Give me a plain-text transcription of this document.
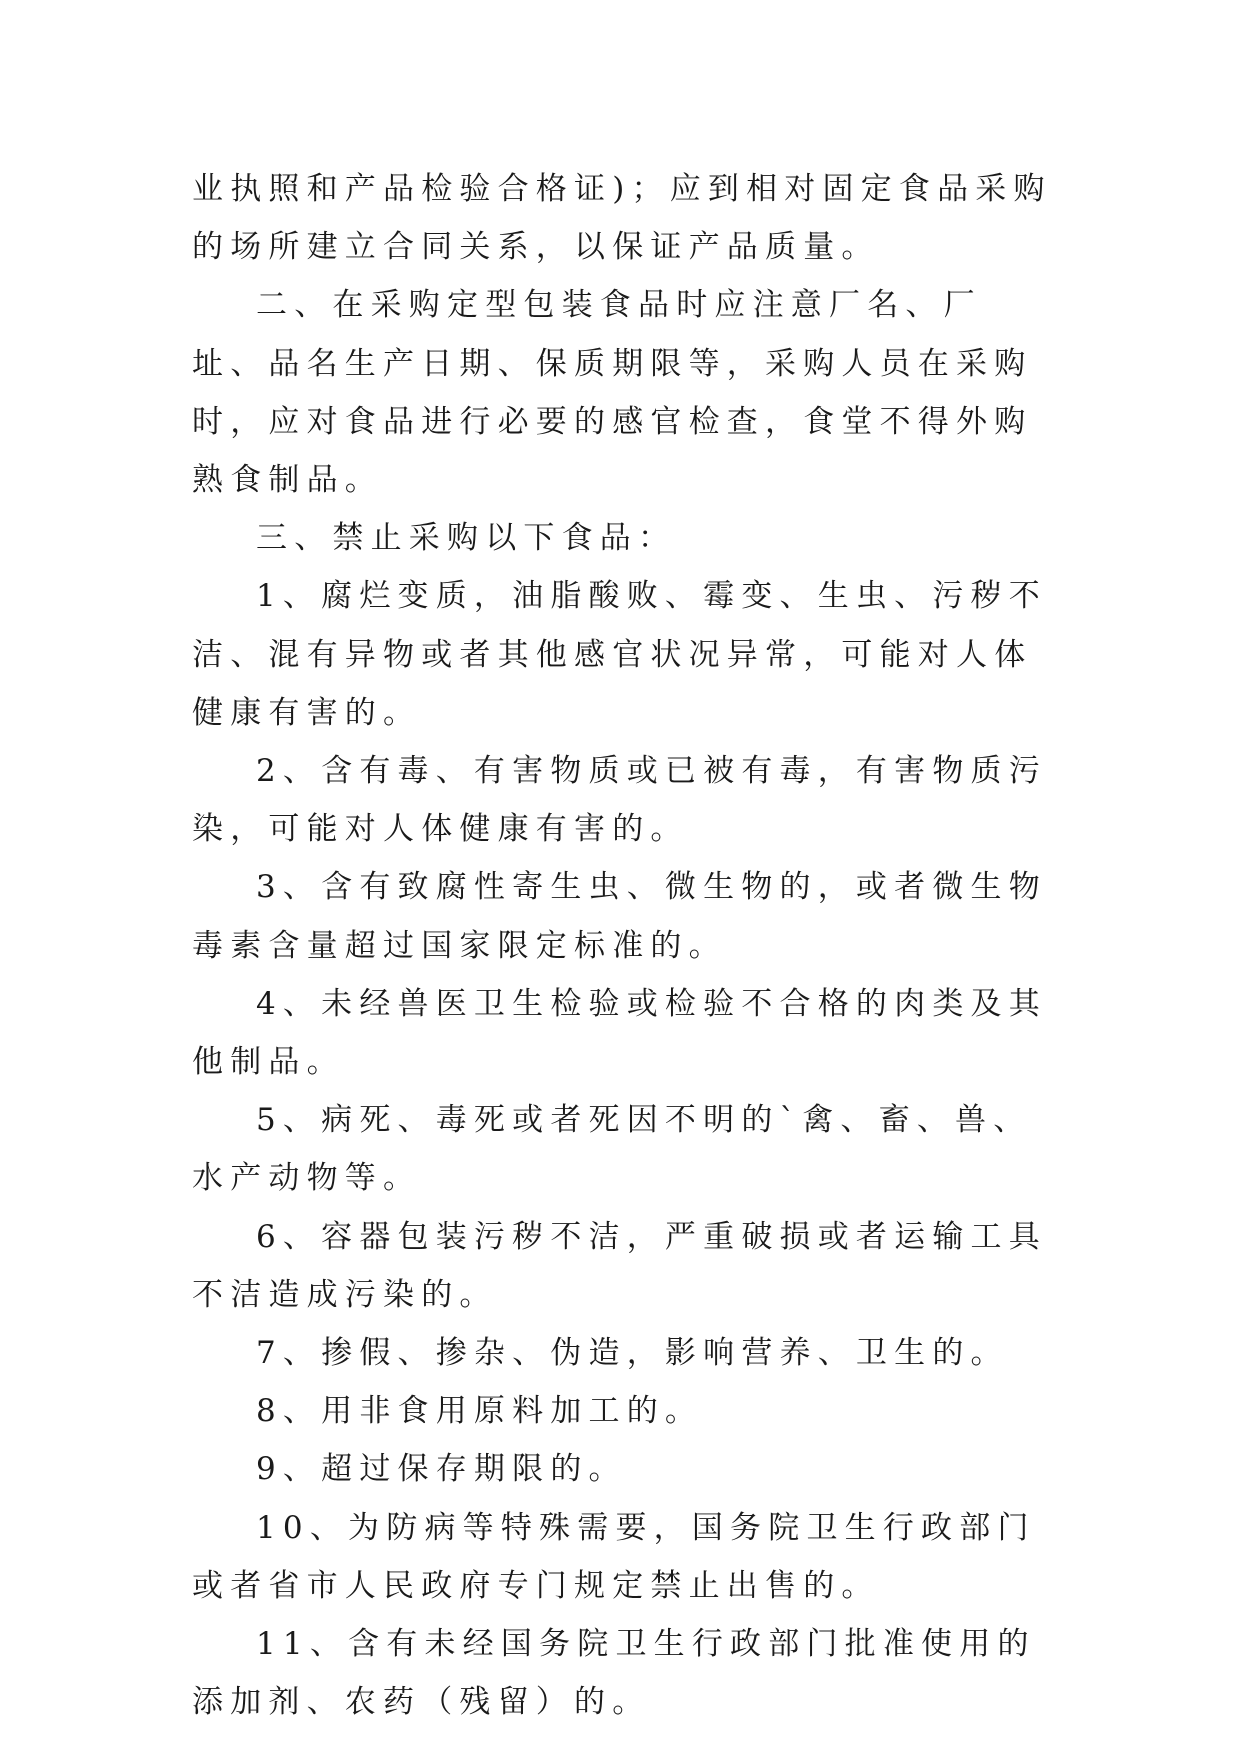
业执照和产品检验合格证)；应到相对固定食品采购的场所建立合同关系，以保证产品质量。

二、在采购定型包装食品时应注意厂名、厂址、品名生产日期、保质期限等，采购人员在采购时，应对食品进行必要的感官检查，食堂不得外购熟食制品。

三、禁止采购以下食品：

1、腐烂变质，油脂酸败、霉变、生虫、污秽不洁、混有异物或者其他感官状况异常，可能对人体健康有害的。

2、含有毒、有害物质或已被有毒，有害物质污染，可能对人体健康有害的。

3、含有致腐性寄生虫、微生物的，或者微生物毒素含量超过国家限定标准的。

4、未经兽医卫生检验或检验不合格的肉类及其他制品。

5、病死、毒死或者死因不明的`禽、畜、兽、水产动物等。

6、容器包装污秽不洁，严重破损或者运输工具不洁造成污染的。

7、掺假、掺杂、伪造，影响营养、卫生的。

8、用非食用原料加工的。

9、超过保存期限的。

10、为防病等特殊需要，国务院卫生行政部门或者省市人民政府专门规定禁止出售的。

11、含有未经国务院卫生行政部门批准使用的添加剂、农药（残留）的。
